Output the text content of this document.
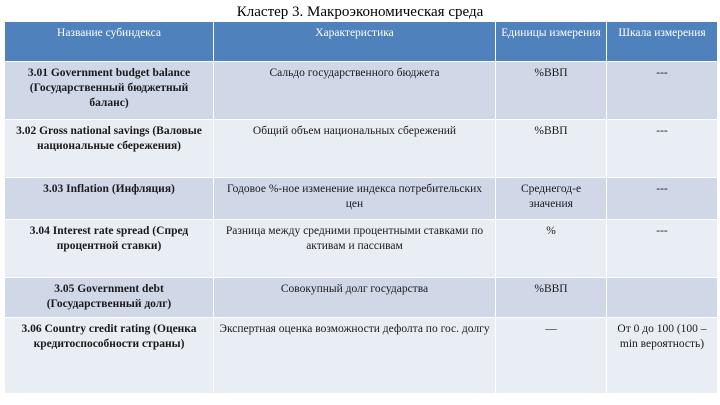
Кластер 3. Макроэкономическая среда
Название субиндекса	Характеристика	Единицы измерения	Шкала измерения
3.01 Government budget balance (Государственный бюджетный баланс)	Сальдо государственного бюджета	%ВВП	---
3.02 Gross national savings (Валовые национальные сбережения)	Общий объем национальных сбережений	%ВВП	---
3.03 Inflation (Инфляция)	Годовое %-ное изменение индекса потребительских цен	Среднегод-е значения	---
3.04 Interest rate spread (Спред процентной ставки)	Разница между средними процентными ставками по активам и пассивам	%	---
3.05 Government debt (Государственный долг)	Совокупный долг государства	%ВВП	
3.06 Country credit rating (Оценка кредитоспособности страны)	Экспертная оценка возможности дефолта по гос. долгу	—	От 0 до 100 (100 – min вероятность)
